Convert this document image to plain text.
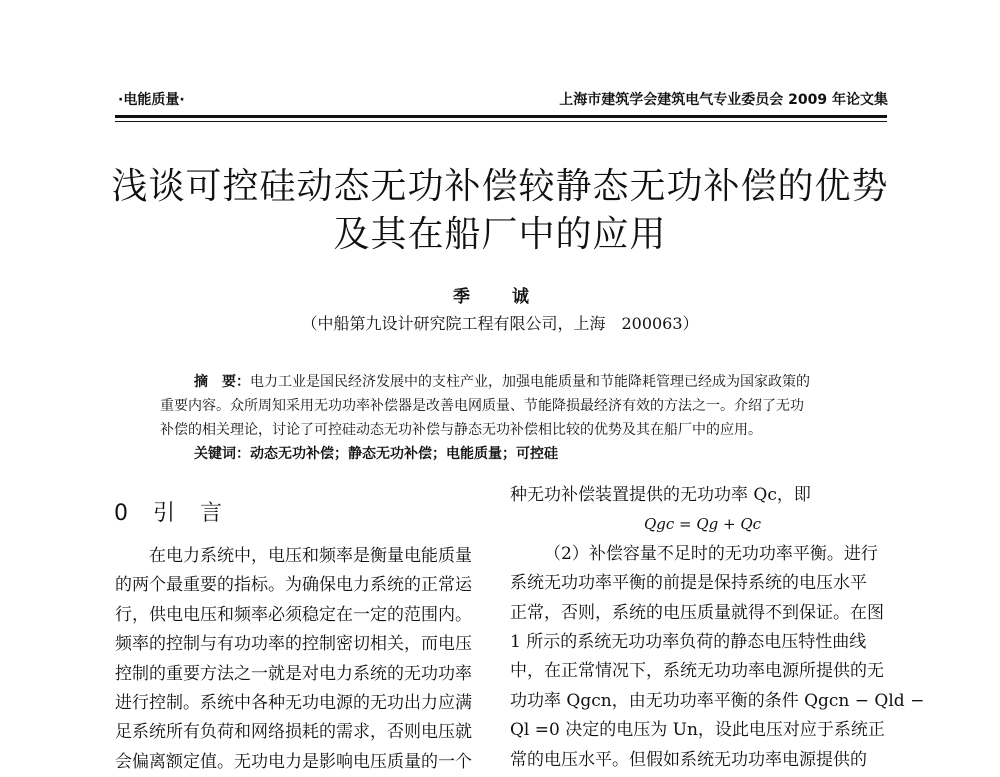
·电能质量·	上海市建筑学会建筑电气专业委员会 2009 年论文集
浅谈可控硅动态无功补偿较静态无功补偿的优势
及其在船厂中的应用
季 诚
（中船第九设计研究院工程有限公司，上海　200063）
摘　要：电力工业是国民经济发展中的支柱产业，加强电能质量和节能降耗管理已经成为国家政策的
重要内容。众所周知采用无功功率补偿器是改善电网质量、节能降损最经济有效的方法之一。介绍了无功
补偿的相关理论，讨论了可控硅动态无功补偿与静态无功补偿相比较的优势及其在船厂中的应用。
关键词：动态无功补偿；静态无功补偿；电能质量；可控硅
0 引 言
在电力系统中，电压和频率是衡量电能质量
的两个最重要的指标。为确保电力系统的正常运
行，供电电压和频率必须稳定在一定的范围内。
频率的控制与有功功率的控制密切相关，而电压
控制的重要方法之一就是对电力系统的无功功率
进行控制。系统中各种无功电源的无功出力应满
足系统所有负荷和网络损耗的需求，否则电压就
会偏离额定值。无功电力是影响电压质量的一个
种无功补偿装置提供的无功功率 Qc，即
Qgc = Qg + Qc
（2）补偿容量不足时的无功功率平衡。进行
系统无功功率平衡的前提是保持系统的电压水平
正常，否则，系统的电压质量就得不到保证。在图
1 所示的系统无功功率负荷的静态电压特性曲线
中，在正常情况下，系统无功功率电源所提供的无
功功率 Qgcn，由无功功率平衡的条件 Qgcn − Qld −
Ql =0 决定的电压为 Un，设此电压对应于系统正
常的电压水平。但假如系统无功功率电源提供的
